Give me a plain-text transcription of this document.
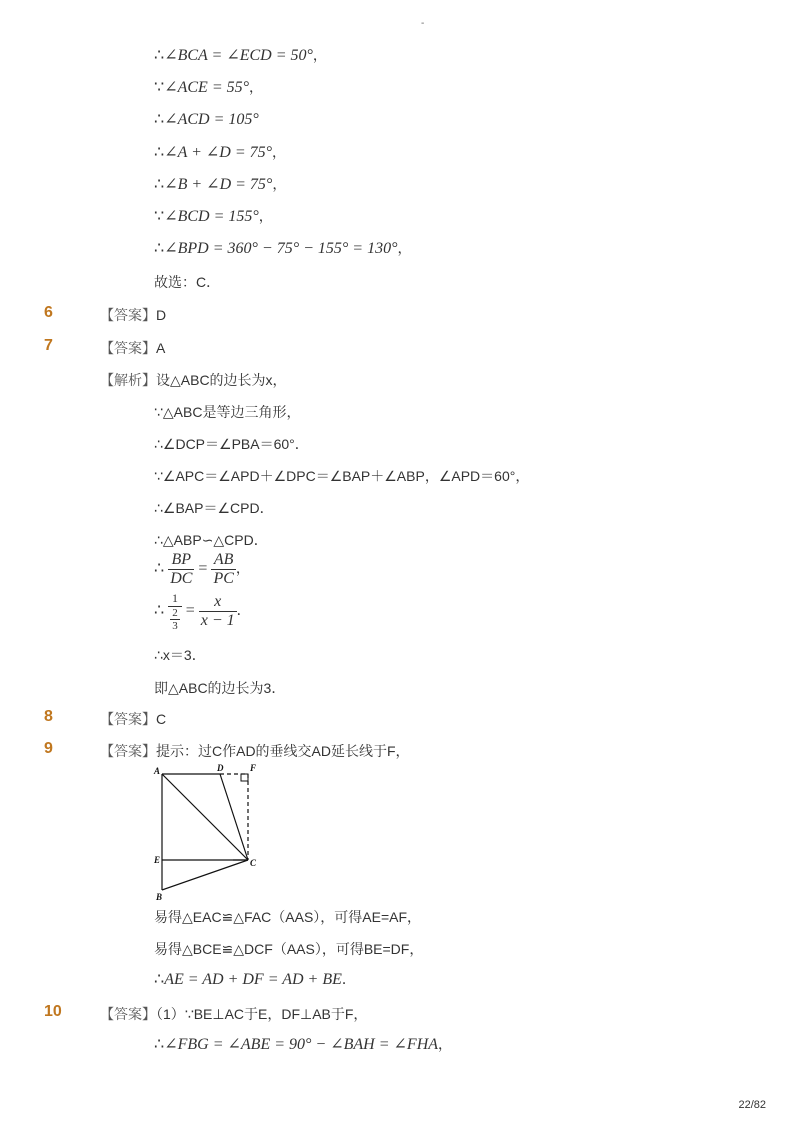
-
∴∠BCA = ∠ECD = 50°，
∵∠ACE = 55°，
∴∠ACD = 105°
∴∠A + ∠D = 75°，
∴∠B + ∠D = 75°，
∵∠BCD = 155°，
∴∠BPD = 360° − 75° − 155° = 130°，
故选：C．
6	【答案】D
7	【答案】A
【解析】设△ABC的边长为x，
∵△ABC是等边三角形，
∴∠DCP＝∠PBA＝60°．
∵∠APC＝∠APD＋∠DPC＝∠BAP＋∠ABP，∠APD＝60°，
∴∠BAP＝∠CPD．
∴△ABP∽△CPD．
∴ $\frac{BP}{DC} = \frac{AB}{PC}$ ，
∴ $\frac{1}{\frac{2}{3}} = \frac{x}{x - 1}$ ．
∴x＝3．
即△ABC的边长为3．
8	【答案】C
9	【答案】提示：过C作AD的垂线交AD延长线于F，
A	D	F
E	C
B
易得△EAC≌△FAC（AAS），可得AE=AF，
易得△BCE≌△DCF（AAS），可得BE=DF，
∴AE = AD + DF = AD + BE．
10	【答案】（1）∵BE⊥AC于E，DF⊥AB于F，
∴∠FBG = ∠ABE = 90° − ∠BAH = ∠FHA，
22/82
